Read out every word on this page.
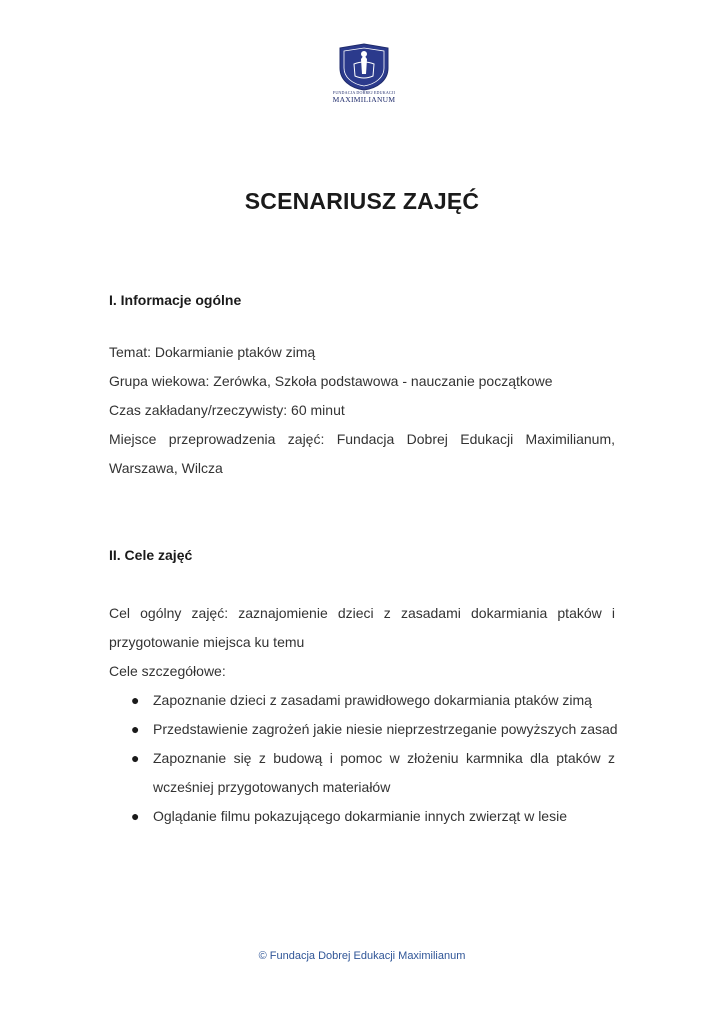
FUNDACJA DOBREJ EDUKACJI
MAXIMILIANUM
SCENARIUSZ ZAJĘĆ
I. Informacje ogólne
Temat: Dokarmianie ptaków zimą
Grupa wiekowa: Zerówka, Szkoła podstawowa - nauczanie początkowe
Czas zakładany/rzeczywisty: 60 minut
Miejsce przeprowadzenia zajęć: Fundacja Dobrej Edukacji Maximilianum,
Warszawa, Wilcza
II. Cele zajęć
Cel ogólny zajęć: zaznajomienie dzieci z zasadami dokarmiania ptaków i
przygotowanie miejsca ku temu
Cele szczegółowe:
● Zapoznanie dzieci z zasadami prawidłowego dokarmiania ptaków zimą
● Przedstawienie zagrożeń jakie niesie nieprzestrzeganie powyższych zasad
● Zapoznanie się z budową i pomoc w złożeniu karmnika dla ptaków z
wcześniej przygotowanych materiałów
● Oglądanie filmu pokazującego dokarmianie innych zwierząt w lesie
© Fundacja Dobrej Edukacji Maximilianum
